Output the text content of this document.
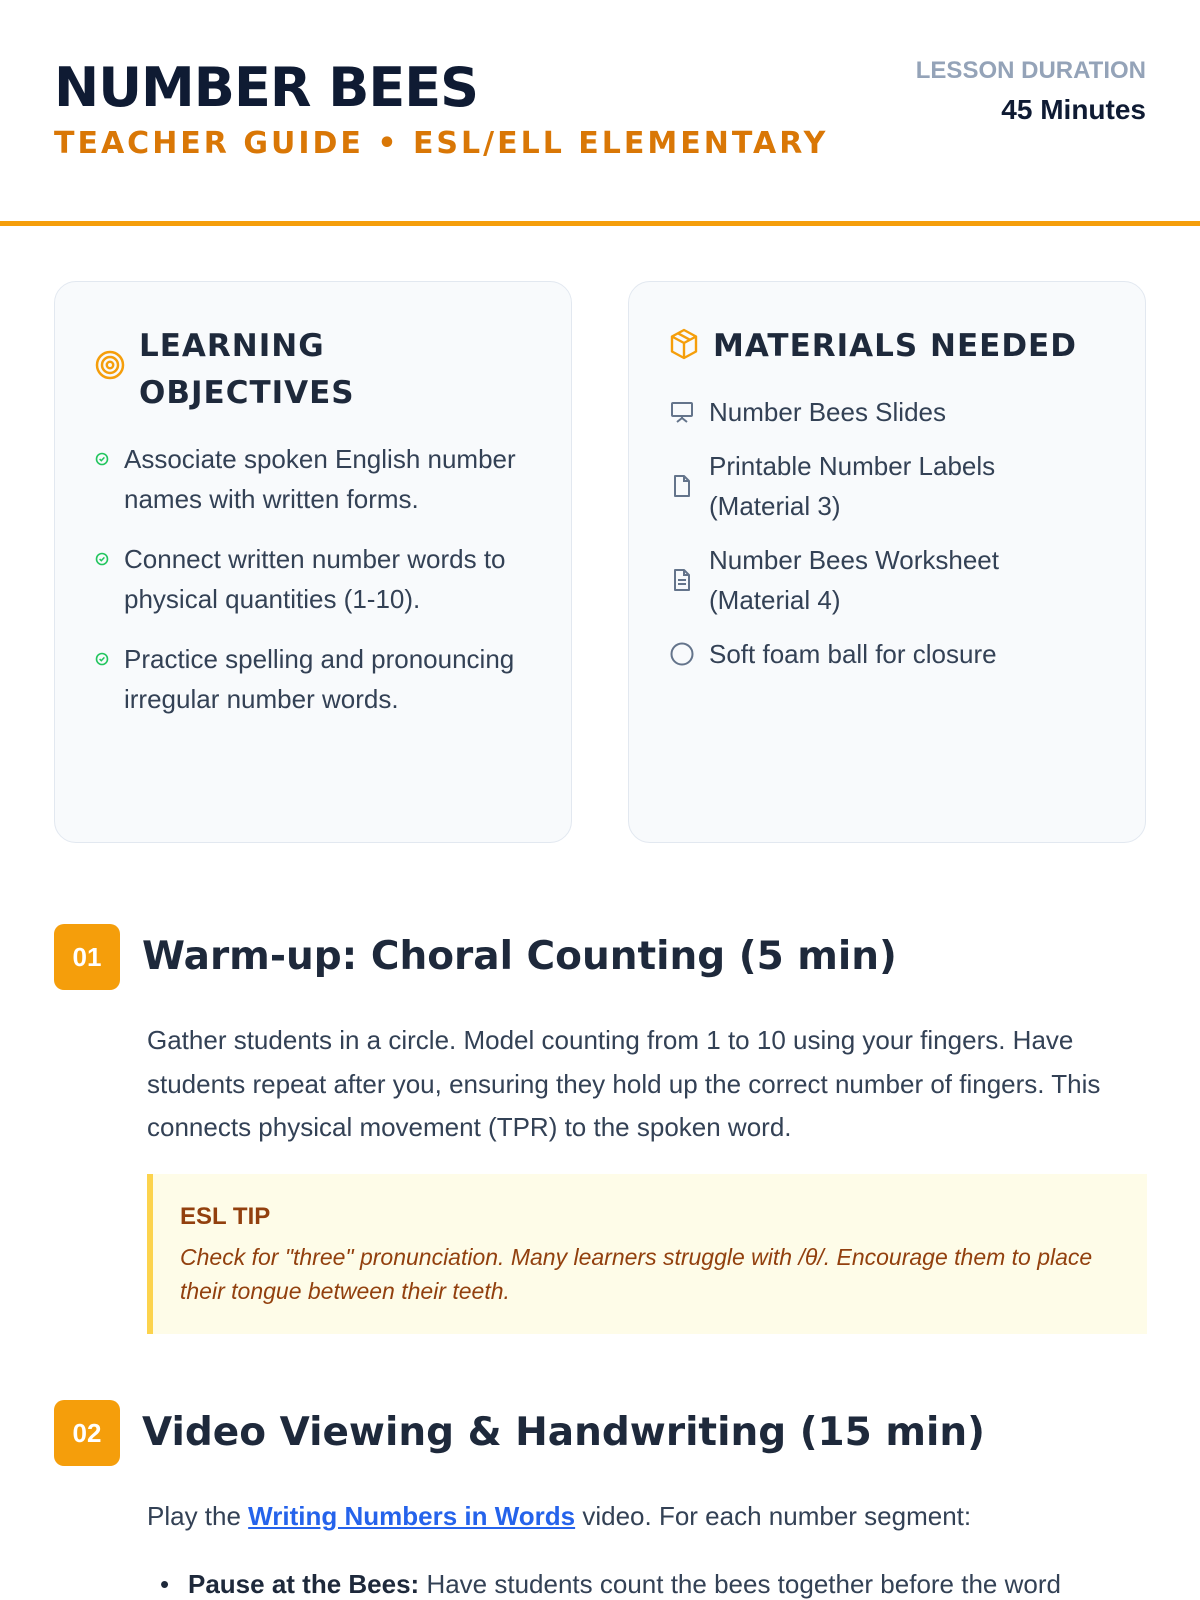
NUMBER BEES
TEACHER GUIDE • ESL/ELL ELEMENTARY
LESSON DURATION
45 Minutes
LEARNING
OBJECTIVES
Associate spoken English number names with written forms.
Connect written number words to physical quantities (1-10).
Practice spelling and pronouncing irregular number words.
MATERIALS NEEDED
Number Bees Slides
Printable Number Labels (Material 3)
Number Bees Worksheet (Material 4)
Soft foam ball for closure
01	Warm-up: Choral Counting (5 min)

Gather students in a circle. Model counting from 1 to 10 using your fingers. Have students repeat after you, ensuring they hold up the correct number of fingers. This connects physical movement (TPR) to the spoken word.

ESL TIP
Check for "three" pronunciation. Many learners struggle with /θ/. Encourage them to place their tongue between their teeth.
02	Video Viewing & Handwriting (15 min)

Play the Writing Numbers in Words video. For each number segment:

• Pause at the Bees: Have students count the bees together before the word
